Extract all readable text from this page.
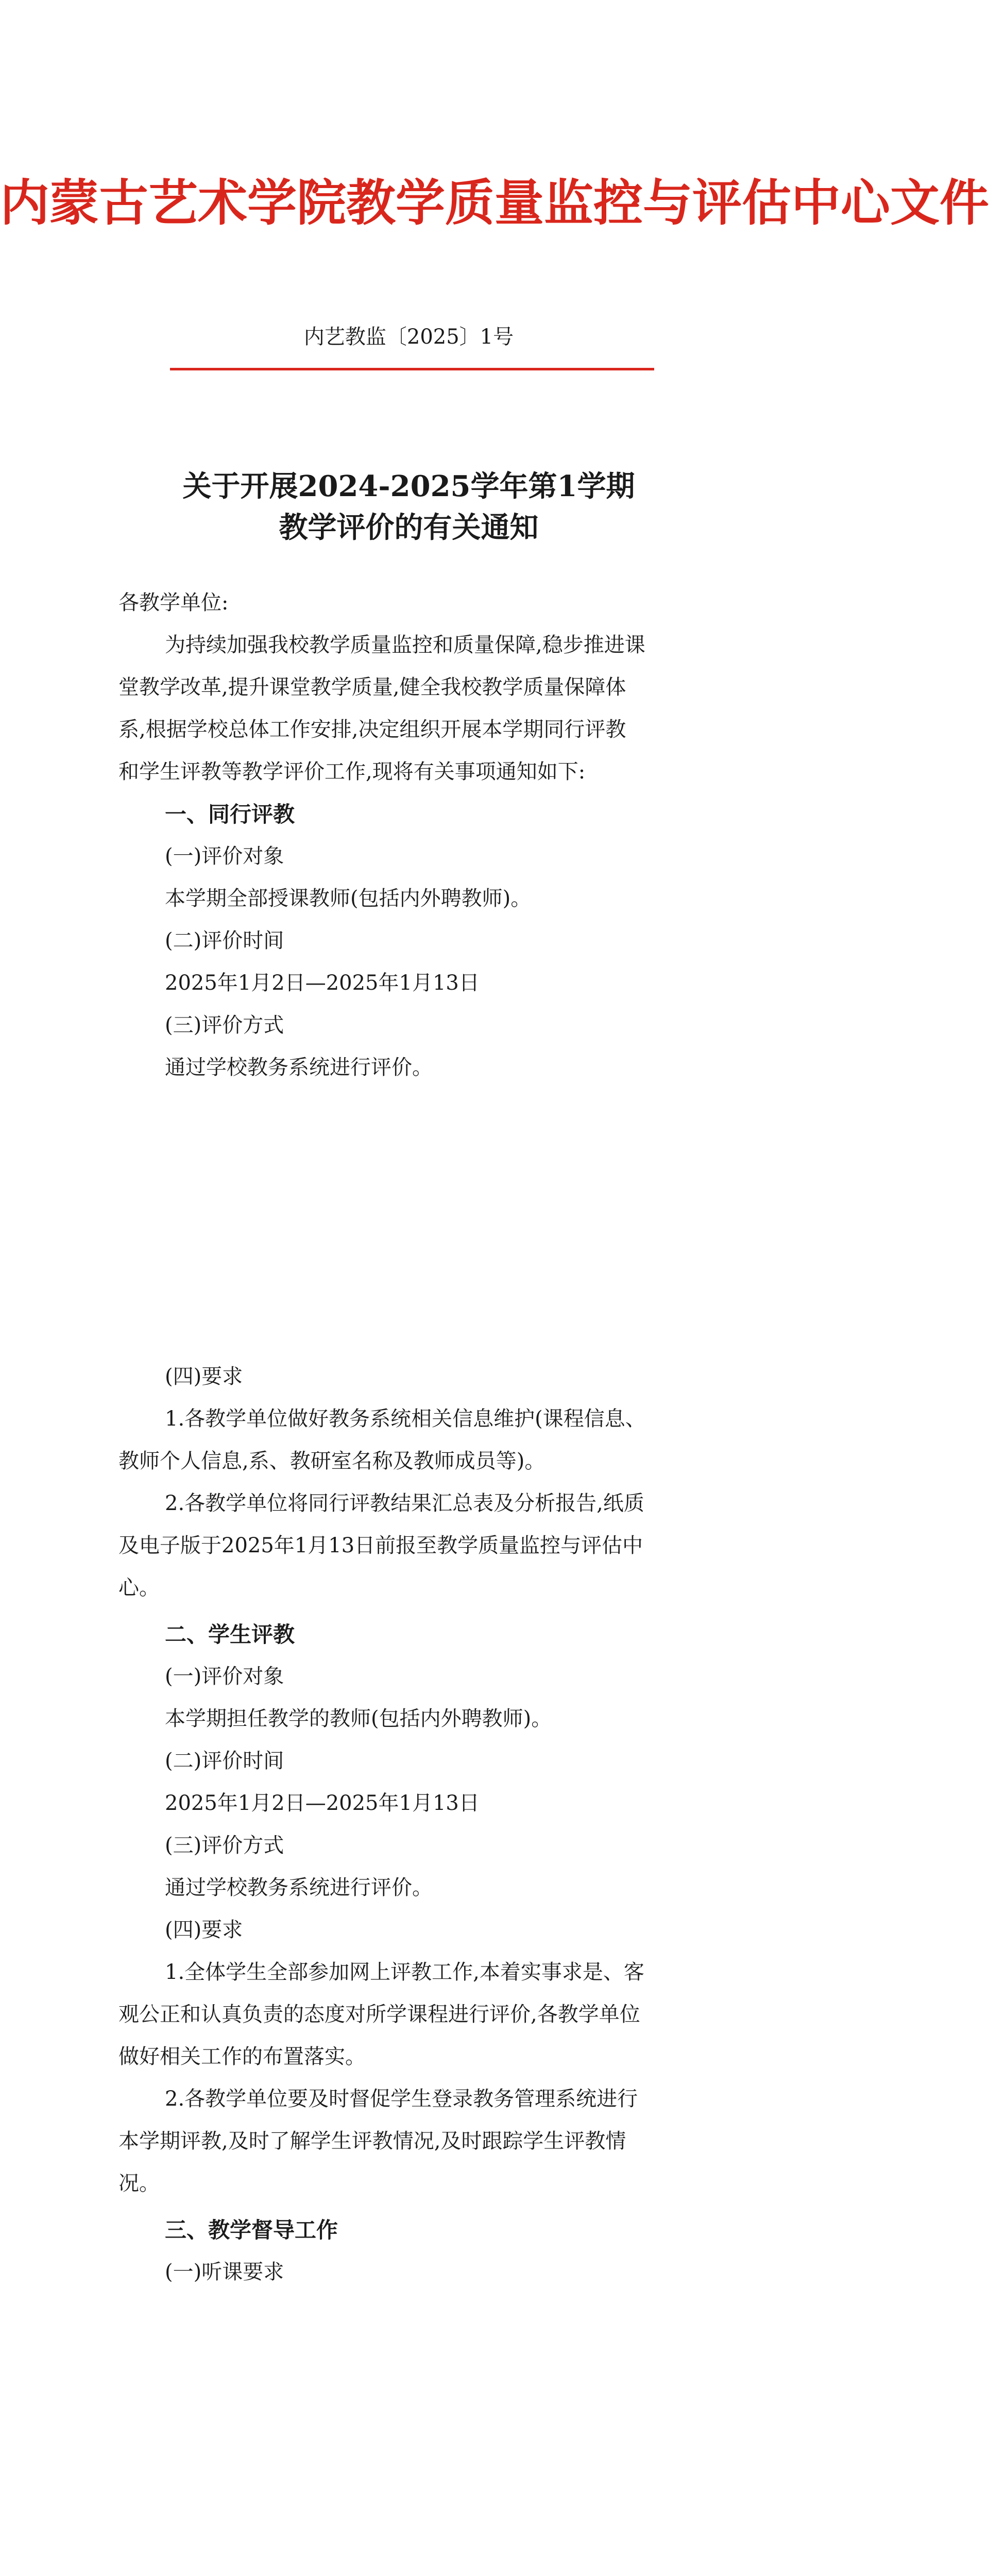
内蒙古艺术学院教学质量监控与评估中心文件
内艺教监〔2025〕1号
关于开展2024-2025学年第1学期
教学评价的有关通知
各教学单位:
为持续加强我校教学质量监控和质量保障,稳步推进课
堂教学改革,提升课堂教学质量,健全我校教学质量保障体
系,根据学校总体工作安排,决定组织开展本学期同行评教
和学生评教等教学评价工作,现将有关事项通知如下:
一、同行评教
(一)评价对象
本学期全部授课教师(包括内外聘教师)。
(二)评价时间
2025年1月2日—2025年1月13日
(三)评价方式
通过学校教务系统进行评价。
(四)要求
1.各教学单位做好教务系统相关信息维护(课程信息、
教师个人信息,系、教研室名称及教师成员等)。
2.各教学单位将同行评教结果汇总表及分析报告,纸质
及电子版于2025年1月13日前报至教学质量监控与评估中
心。
二、学生评教
(一)评价对象
本学期担任教学的教师(包括内外聘教师)。
(二)评价时间
2025年1月2日—2025年1月13日
(三)评价方式
通过学校教务系统进行评价。
(四)要求
1.全体学生全部参加网上评教工作,本着实事求是、客
观公正和认真负责的态度对所学课程进行评价,各教学单位
做好相关工作的布置落实。
2.各教学单位要及时督促学生登录教务管理系统进行
本学期评教,及时了解学生评教情况,及时跟踪学生评教情
况。
三、教学督导工作
(一)听课要求
